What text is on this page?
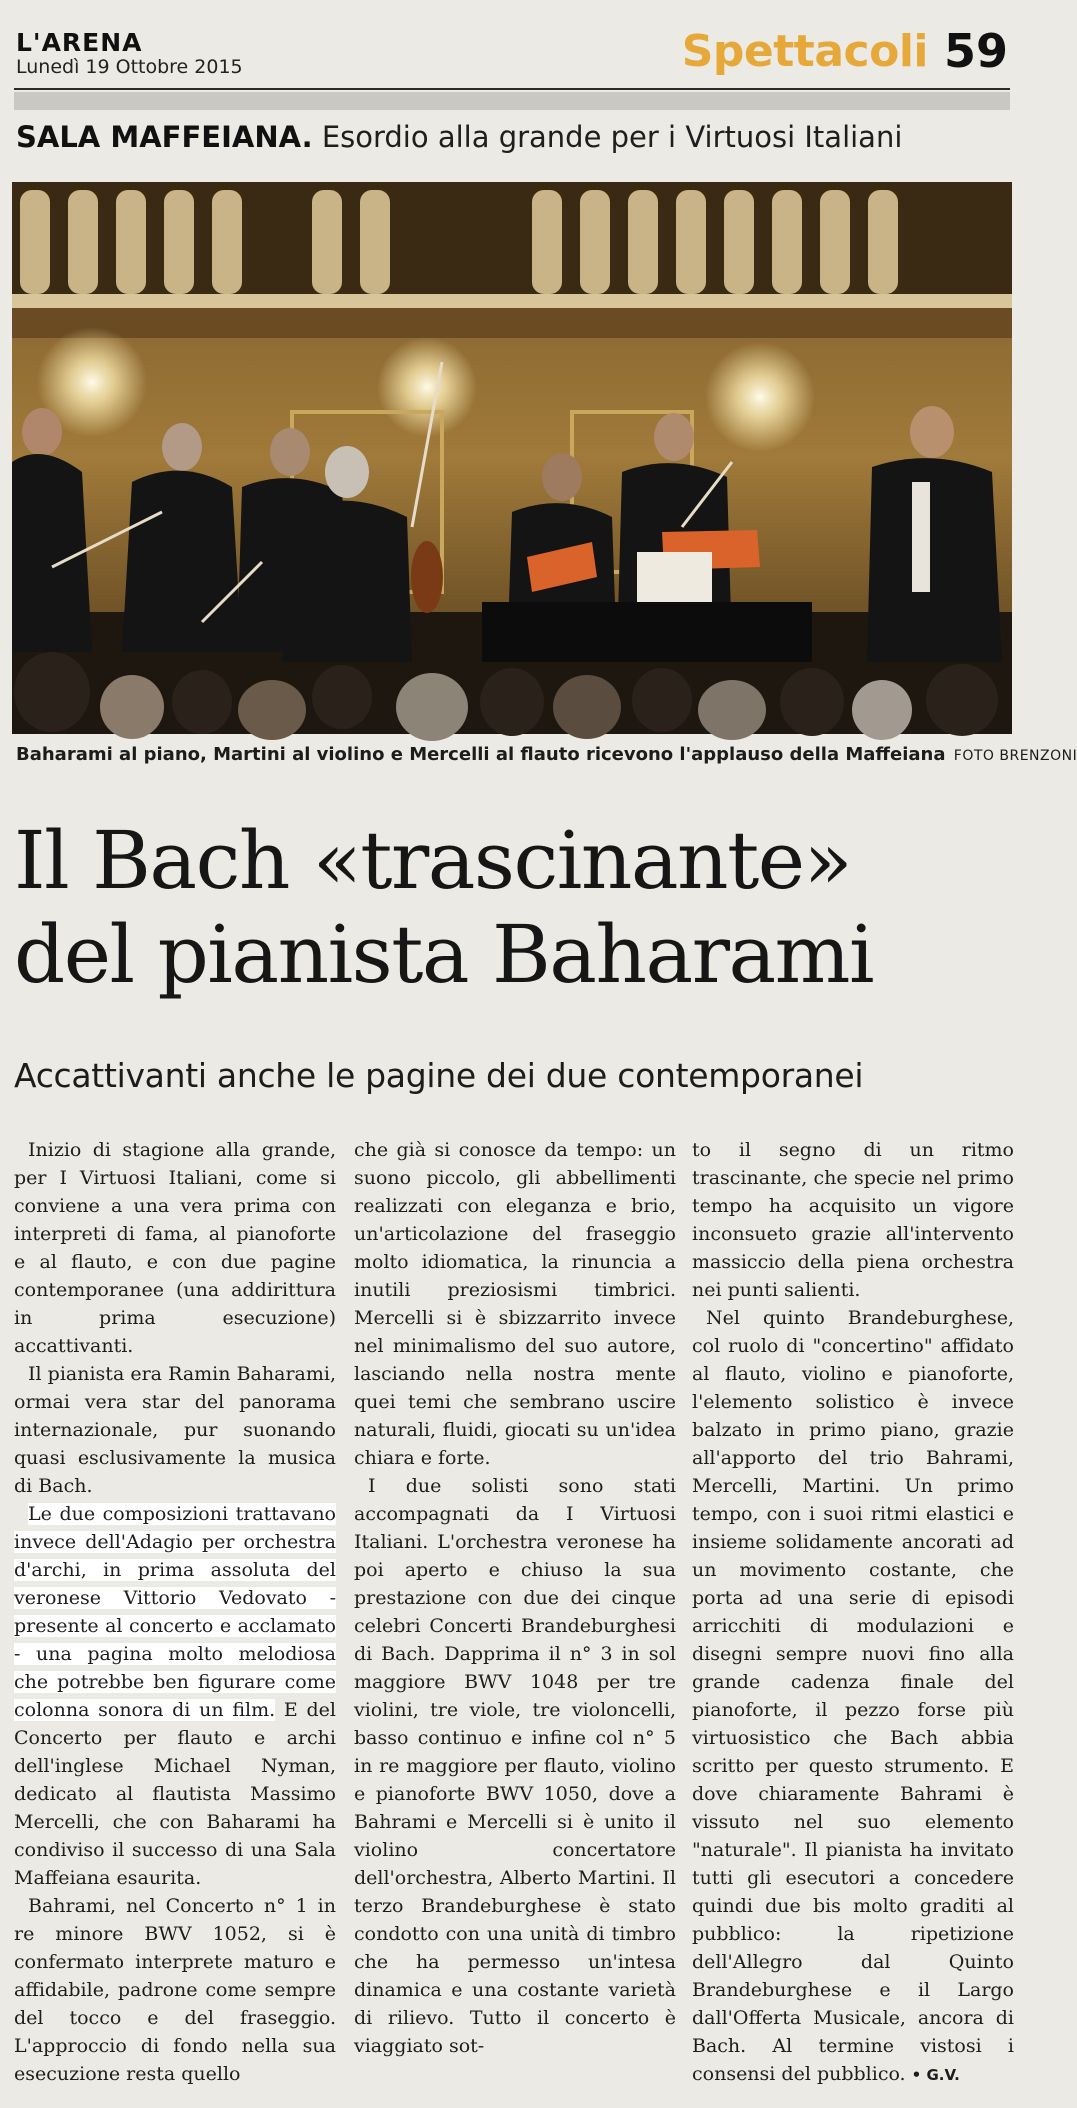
L'ARENA
Lunedì 19 Ottobre 2015	Spettacoli 59
SALA MAFFEIANA. Esordio alla grande per i Virtuosi Italiani
Baharami al piano, Martini al violino e Mercelli al flauto ricevono l'applauso della Maffeiana FOTO BRENZONI
Il Bach «trascinante»
del pianista Baharami
Accattivanti anche le pagine dei due contemporanei

Inizio di stagione alla grande, per I Virtuosi Italiani, come si conviene a una vera prima con interpreti di fama, al pianoforte e al flauto, e con due pagine contemporanee (una addirittura in prima esecuzione) accattivanti.

Il pianista era Ramin Baharami, ormai vera star del panorama internazionale, pur suonando quasi esclusivamente la musica di Bach.

Le due composizioni trattavano invece dell'Adagio per orchestra d'archi, in prima assoluta del veronese Vittorio Vedovato - presente al concerto e acclamato - una pagina molto melodiosa che potrebbe ben figurare come colonna sonora di un film. E del Concerto per flauto e archi dell'inglese Michael Nyman, dedicato al flautista Massimo Mercelli, che con Baharami ha condiviso il successo di una Sala Maffeiana esaurita.

Bahrami, nel Concerto n° 1 in re minore BWV 1052, si è confermato interprete maturo e affidabile, padrone come sempre del tocco e del fraseggio. L'approccio di fondo nella sua esecuzione resta quello

che già si conosce da tempo: un suono piccolo, gli abbellimenti realizzati con eleganza e brio, un'articolazione del fraseggio molto idiomatica, la rinuncia a inutili preziosismi timbrici. Mercelli si è sbizzarrito invece nel minimalismo del suo autore, lasciando nella nostra mente quei temi che sembrano uscire naturali, fluidi, giocati su un'idea chiara e forte.

I due solisti sono stati accompagnati da I Virtuosi Italiani. L'orchestra veronese ha poi aperto e chiuso la sua prestazione con due dei cinque celebri Concerti Brandeburghesi di Bach. Dapprima il n° 3 in sol maggiore BWV 1048 per tre violini, tre viole, tre violoncelli, basso continuo e infine col n° 5 in re maggiore per flauto, violino e pianoforte BWV 1050, dove a Bahrami e Mercelli si è unito il violino concertatore dell'orchestra, Alberto Martini. Il terzo Brandeburghese è stato condotto con una unità di timbro che ha permesso un'intesa dinamica e una costante varietà di rilievo. Tutto il concerto è viaggiato sot-

to il segno di un ritmo trascinante, che specie nel primo tempo ha acquisito un vigore inconsueto grazie all'intervento massiccio della piena orchestra nei punti salienti.

Nel quinto Brandeburghese, col ruolo di "concertino" affidato al flauto, violino e pianoforte, l'elemento solistico è invece balzato in primo piano, grazie all'apporto del trio Bahrami, Mercelli, Martini. Un primo tempo, con i suoi ritmi elastici e insieme solidamente ancorati ad un movimento costante, che porta ad una serie di episodi arricchiti di modulazioni e disegni sempre nuovi fino alla grande cadenza finale del pianoforte, il pezzo forse più virtuosistico che Bach abbia scritto per questo strumento. E dove chiaramente Bahrami è vissuto nel suo elemento "naturale". Il pianista ha invitato tutti gli esecutori a concedere quindi due bis molto graditi al pubblico: la ripetizione dell'Allegro dal Quinto Brandeburghese e il Largo dall'Offerta Musicale, ancora di Bach. Al termine vistosi i consensi del pubblico. • G.V.
